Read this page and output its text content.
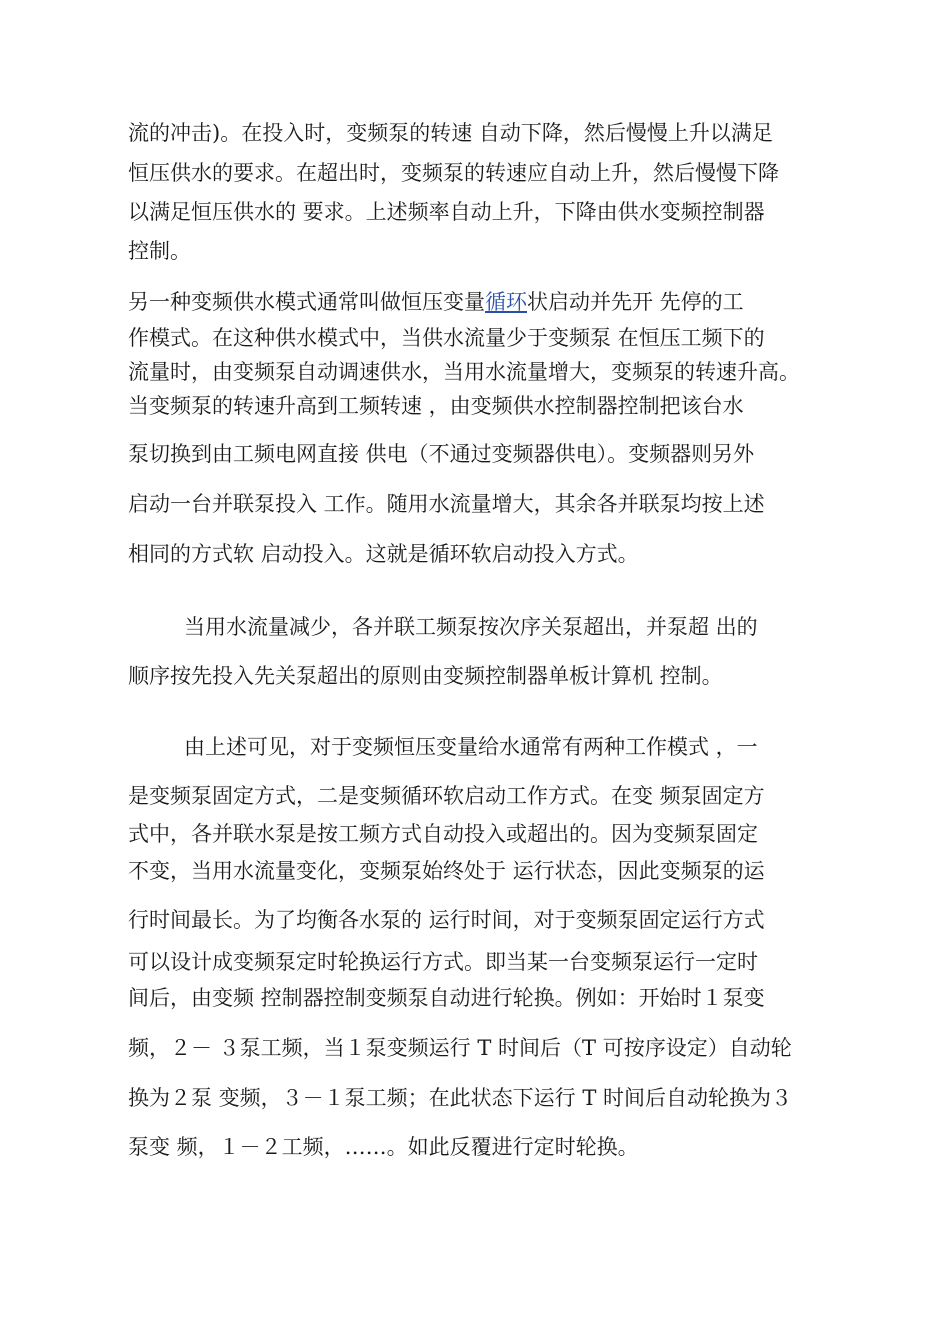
流的冲击)。在投入时，变频泵的转速 自动下降，然后慢慢上升以满足
恒压供水的要求。在超出时，变频泵的转速应自动上升，然后慢慢下降
以满足恒压供水的 要求。上述频率自动上升，下降由供水变频控制器
控制。
另一种变频供水模式通常叫做恒压变量循环状启动并先开 先停的工
作模式。在这种供水模式中，当供水流量少于变频泵 在恒压工频下的
流量时，由变频泵自动调速供水，当用水流量增大，变频泵的转速升高。
当变频泵的转速升高到工频转速 ，由变频供水控制器控制把该台水
泵切换到由工频电网直接 供电（不通过变频器供电）。变频器则另外
启动一台并联泵投入 工作。随用水流量增大，其余各并联泵均按上述
相同的方式软 启动投入。这就是循环软启动投入方式。
当用水流量减少，各并联工频泵按次序关泵超出，并泵超 出的
顺序按先投入先关泵超出的原则由变频控制器单板计算机 控制。
由上述可见，对于变频恒压变量给水通常有两种工作模式 ，一
是变频泵固定方式，二是变频循环软启动工作方式。在变 频泵固定方
式中，各并联水泵是按工频方式自动投入或超出的。因为变频泵固定
不变，当用水流量变化，变频泵始终处于 运行状态，因此变频泵的运
行时间最长。为了均衡各水泵的 运行时间，对于变频泵固定运行方式
可以设计成变频泵定时轮换运行方式。即当某一台变频泵运行一定时
间后，由变频 控制器控制变频泵自动进行轮换。例如：开始时１泵变
频，２－ ３泵工频，当１泵变频运行 T 时间后（T 可按序设定）自动轮
换为２泵 变频，３－１泵工频；在此状态下运行 T 时间后自动轮换为３
泵变 频，１－２工频，……。如此反覆进行定时轮换。
